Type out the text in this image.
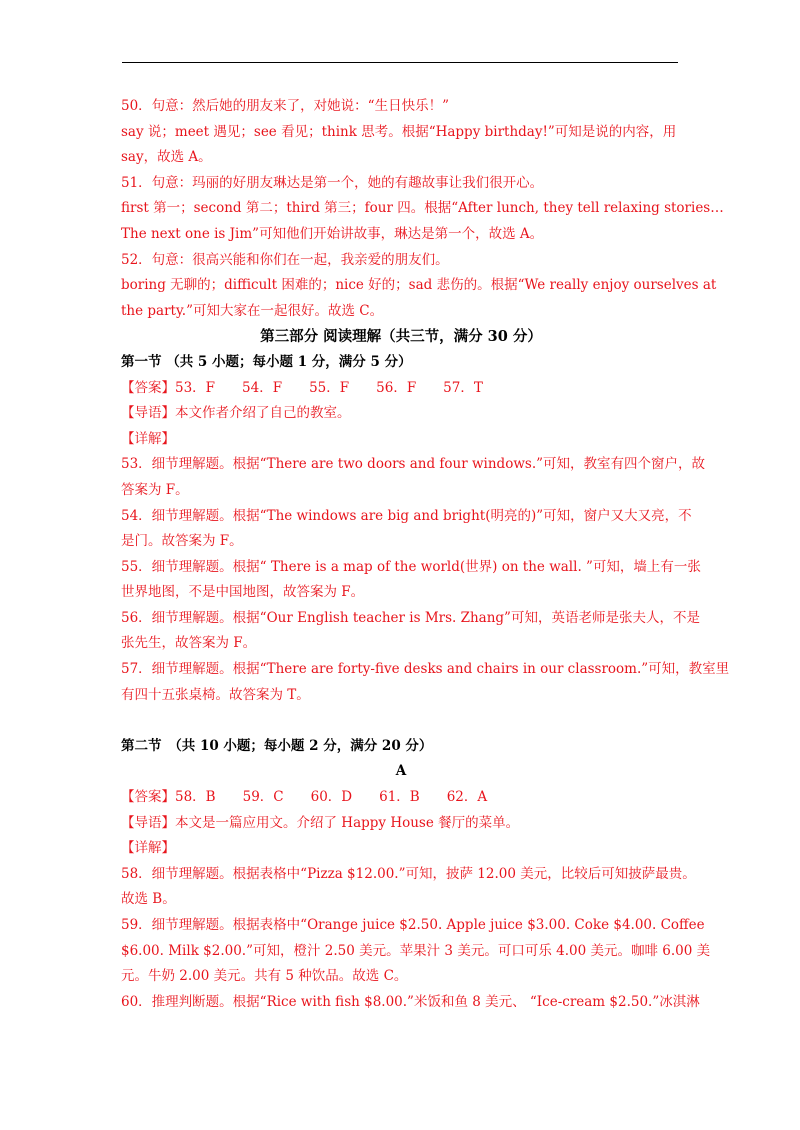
50．句意：然后她的朋友来了，对她说：“生日快乐！”
say 说；meet 遇见；see 看见；think 思考。根据“Happy birthday!”可知是说的内容，用
say，故选 A。
51．句意：玛丽的好朋友琳达是第一个，她的有趣故事让我们很开心。
first 第一；second 第二；third 第三；four 四。根据“After lunch, they tell relaxing stories…
The next one is Jim”可知他们开始讲故事，琳达是第一个，故选 A。
52．句意：很高兴能和你们在一起，我亲爱的朋友们。
boring 无聊的；difficult 困难的；nice 好的；sad 悲伤的。根据“We really enjoy ourselves at
the party.”可知大家在一起很好。故选 C。
第三部分 阅读理解（共三节，满分 30 分）
第一节 （共 5 小题；每小题 1 分，满分 5 分）
【答案】53．F　　54．F　　55．F　　56．F　　57．T
【导语】本文作者介绍了自己的教室。
【详解】
53．细节理解题。根据“There are two doors and four windows.”可知，教室有四个窗户，故
答案为 F。
54．细节理解题。根据“The windows are big and bright(明亮的)”可知，窗户又大又亮，不
是门。故答案为 F。
55．细节理解题。根据“ There is a map of the world(世界) on the wall. ”可知，墙上有一张
世界地图，不是中国地图，故答案为 F。
56．细节理解题。根据“Our English teacher is Mrs. Zhang”可知，英语老师是张夫人，不是
张先生，故答案为 F。
57．细节理解题。根据“There are forty-five desks and chairs in our classroom.”可知，教室里
有四十五张桌椅。故答案为 T。
第二节　（共 10 小题；每小题 2 分，满分 20 分）
A
【答案】58．B　　59．C　　60．D　　61．B　　62．A
【导语】本文是一篇应用文。介绍了 Happy House 餐厅的菜单。
【详解】
58．细节理解题。根据表格中“Pizza $12.00.”可知，披萨 12.00 美元，比较后可知披萨最贵。
故选 B。
59．细节理解题。根据表格中“Orange juice $2.50. Apple juice $3.00. Coke $4.00. Coffee
$6.00. Milk $2.00.”可知，橙汁 2.50 美元。苹果汁 3 美元。可口可乐 4.00 美元。咖啡 6.00 美
元。牛奶 2.00 美元。共有 5 种饮品。故选 C。
60．推理判断题。根据“Rice with fish $8.00.”米饭和鱼 8 美元、 “Ice-cream $2.50.”冰淇淋
